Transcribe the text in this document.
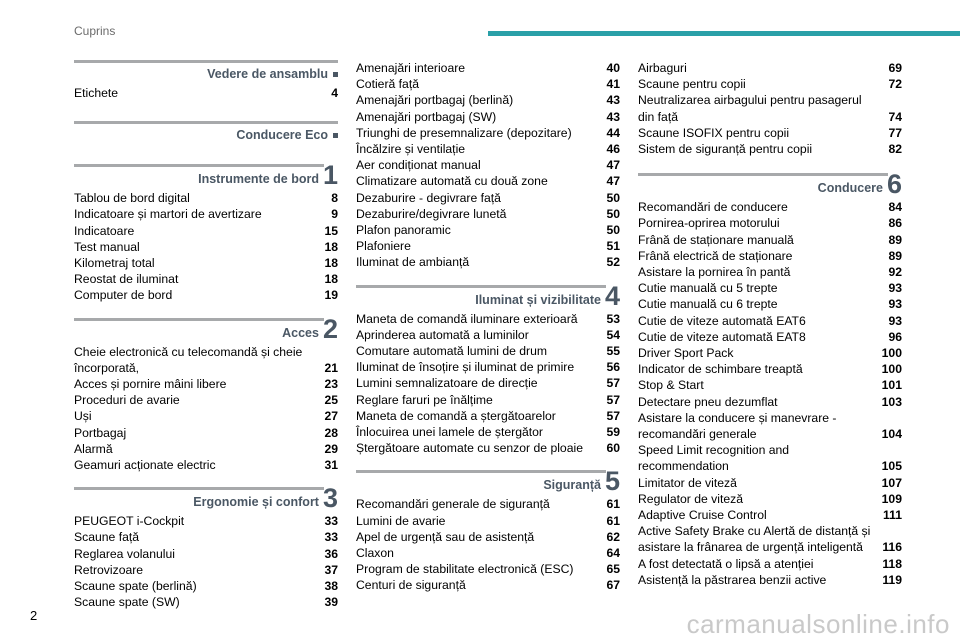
Cuprins
Vedere de ansamblu
Etichete	4
Conducere Eco
Instrumente de bord 1
Tablou de bord digital	8
Indicatoare și martori de avertizare	9
Indicatoare	15
Test manual	18
Kilometraj total	18
Reostat de iluminat	18
Computer de bord	19
Acces 2
Cheie electronică cu telecomandă și cheie
încorporată,	21
Acces și pornire mâini libere	23
Proceduri de avarie	25
Uși	27
Portbagaj	28
Alarmă	29
Geamuri acționate electric	31
Ergonomie și confort 3
PEUGEOT i-Cockpit	33
Scaune față	33
Reglarea volanului	36
Retrovizoare	37
Scaune spate (berlină)	38
Scaune spate (SW)	39
Amenajări interioare	40
Cotieră față	41
Amenajări portbagaj (berlină)	43
Amenajări portbagaj (SW)	43
Triunghi de presemnalizare (depozitare)	44
Încălzire și ventilație	46
Aer condiționat manual	47
Climatizare automată cu două zone	47
Dezaburire - degivrare față	50
Dezaburire/degivrare lunetă	50
Plafon panoramic	50
Plafoniere	51
Iluminat de ambianță	52
Iluminat și vizibilitate 4
Maneta de comandă iluminare exterioară	53
Aprinderea automată a luminilor	54
Comutare automată lumini de drum	55
Iluminat de însoțire și iluminat de primire	56
Lumini semnalizatoare de direcție	57
Reglare faruri pe înălțime	57
Maneta de comandă a ștergătoarelor	57
Înlocuirea unei lamele de ștergător	59
Ștergătoare automate cu senzor de ploaie	60
Siguranță 5
Recomandări generale de siguranță	61
Lumini de avarie	61
Apel de urgență sau de asistență	62
Claxon	64
Program de stabilitate electronică (ESC)	65
Centuri de siguranță	67
Airbaguri	69
Scaune pentru copii	72
Neutralizarea airbagului pentru pasagerul
din față	74
Scaune ISOFIX pentru copii	77
Sistem de siguranță pentru copii	82
Conducere 6
Recomandări de conducere	84
Pornirea-oprirea motorului	86
Frână de staționare manuală	89
Frână electrică de staționare	89
Asistare la pornirea în pantă	92
Cutie manuală cu 5 trepte	93
Cutie manuală cu 6 trepte	93
Cutie de viteze automată EAT6	93
Cutie de viteze automată EAT8	96
Driver Sport Pack	100
Indicator de schimbare treaptă	100
Stop & Start	101
Detectare pneu dezumflat	103
Asistare la conducere și manevrare -
recomandări generale	104
Speed Limit recognition and
recommendation	105
Limitator de viteză	107
Regulator de viteză	109
Adaptive Cruise Control	111
Active Safety Brake cu Alertă de distanță și
asistare la frânarea de urgență inteligentă	116
A fost detectată o lipsă a atenției	118
Asistență la păstrarea benzii active	119
2	carmanualsonline.info
